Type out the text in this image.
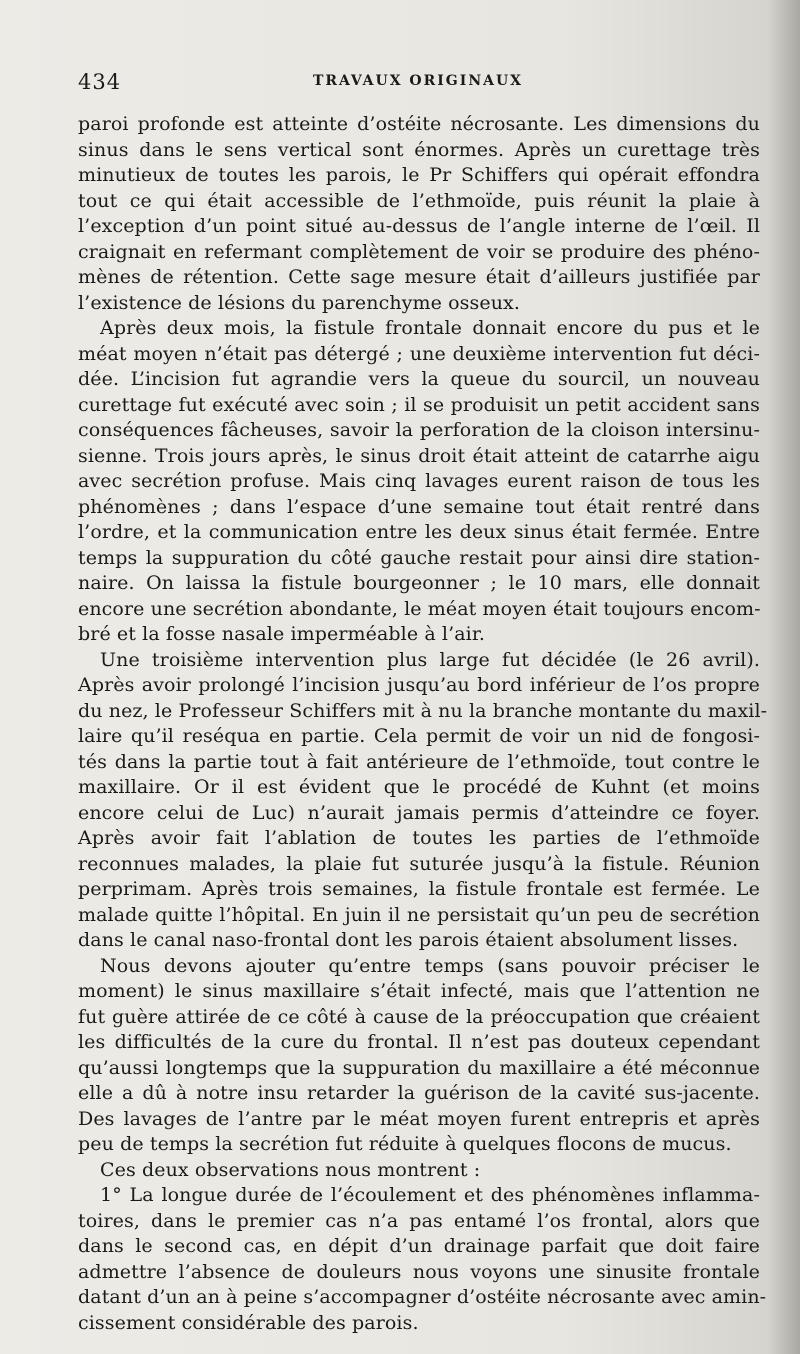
434	TRAVAUX ORIGINAUX
paroi profonde est atteinte d’ostéite nécrosante. Les dimensions du
sinus dans le sens vertical sont énormes. Après un curettage très
minutieux de toutes les parois, le Pr Schiffers qui opérait effondra
tout ce qui était accessible de l’ethmoïde, puis réunit la plaie à
l’exception d’un point situé au-dessus de l’angle interne de l’œil. Il
craignait en refermant complètement de voir se produire des phéno-
mènes de rétention. Cette sage mesure était d’ailleurs justifiée par
l’existence de lésions du parenchyme osseux.
Après deux mois, la fistule frontale donnait encore du pus et le
méat moyen n’était pas détergé ; une deuxième intervention fut déci-
dée. L’incision fut agrandie vers la queue du sourcil, un nouveau
curettage fut exécuté avec soin ; il se produisit un petit accident sans
conséquences fâcheuses, savoir la perforation de la cloison intersinu-
sienne. Trois jours après, le sinus droit était atteint de catarrhe aigu
avec secrétion profuse. Mais cinq lavages eurent raison de tous les
phénomènes ; dans l’espace d’une semaine tout était rentré dans
l’ordre, et la communication entre les deux sinus était fermée. Entre
temps la suppuration du côté gauche restait pour ainsi dire station-
naire. On laissa la fistule bourgeonner ; le 10 mars, elle donnait
encore une secrétion abondante, le méat moyen était toujours encom-
bré et la fosse nasale imperméable à l’air.
Une troisième intervention plus large fut décidée (le 26 avril).
Après avoir prolongé l’incision jusqu’au bord inférieur de l’os propre
du nez, le Professeur Schiffers mit à nu la branche montante du maxil-
laire qu’il reséqua en partie. Cela permit de voir un nid de fongosi-
tés dans la partie tout à fait antérieure de l’ethmoïde, tout contre le
maxillaire. Or il est évident que le procédé de Kuhnt (et moins
encore celui de Luc) n’aurait jamais permis d’atteindre ce foyer.
Après avoir fait l’ablation de toutes les parties de l’ethmoïde
reconnues malades, la plaie fut suturée jusqu’à la fistule. Réunion
perprimam. Après trois semaines, la fistule frontale est fermée. Le
malade quitte l’hôpital. En juin il ne persistait qu’un peu de secrétion
dans le canal naso-frontal dont les parois étaient absolument lisses.
Nous devons ajouter qu’entre temps (sans pouvoir préciser le
moment) le sinus maxillaire s’était infecté, mais que l’attention ne
fut guère attirée de ce côté à cause de la préoccupation que créaient
les difficultés de la cure du frontal. Il n’est pas douteux cependant
qu’aussi longtemps que la suppuration du maxillaire a été méconnue
elle a dû à notre insu retarder la guérison de la cavité sus-jacente.
Des lavages de l’antre par le méat moyen furent entrepris et après
peu de temps la secrétion fut réduite à quelques flocons de mucus.
Ces deux observations nous montrent :
1° La longue durée de l’écoulement et des phénomènes inflamma-
toires, dans le premier cas n’a pas entamé l’os frontal, alors que
dans le second cas, en dépit d’un drainage parfait que doit faire
admettre l’absence de douleurs nous voyons une sinusite frontale
datant d’un an à peine s’accompagner d’ostéite nécrosante avec amin-
cissement considérable des parois.
